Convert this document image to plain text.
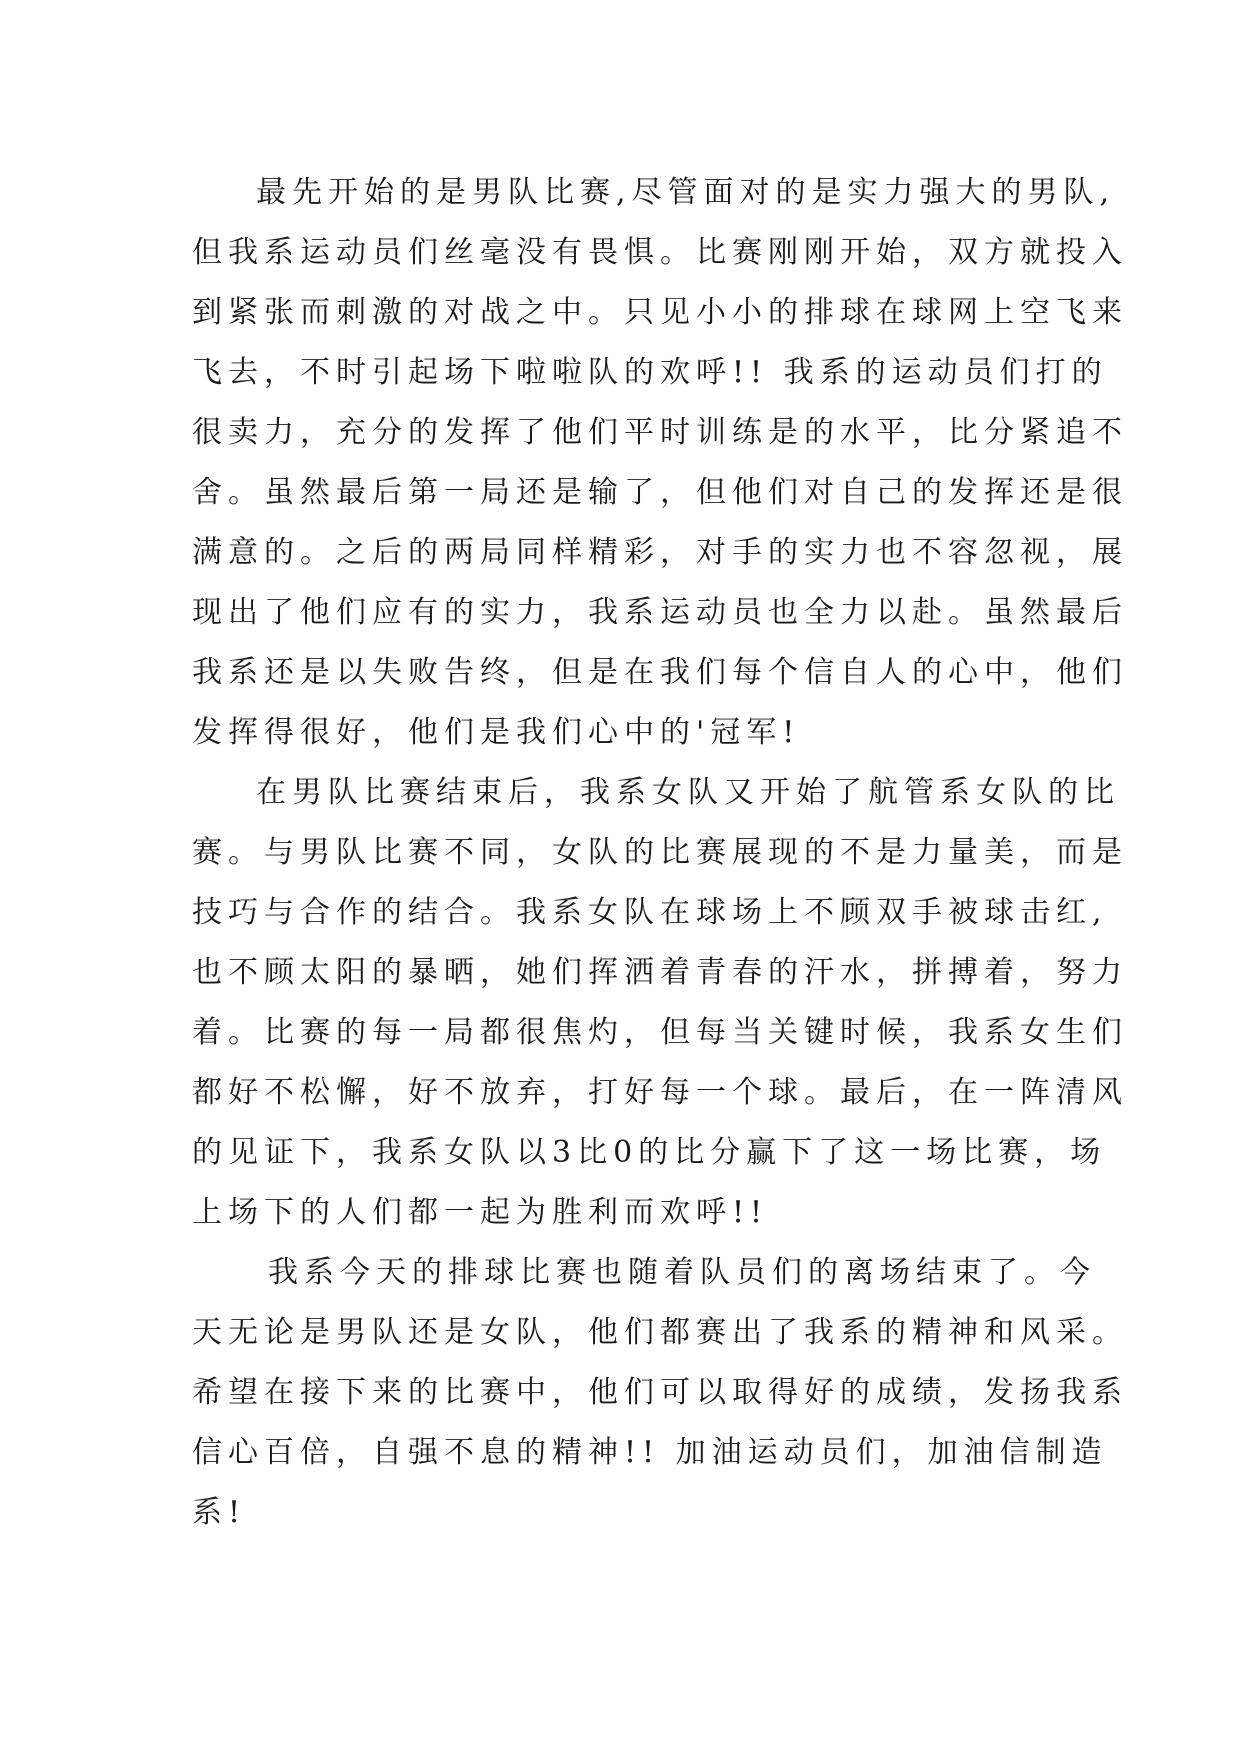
最先开始的是男队比赛,尽管面对的是实力强大的男队,
但我系运动员们丝毫没有畏惧。比赛刚刚开始，双方就投入
到紧张而刺激的对战之中。只见小小的排球在球网上空飞来
飞去，不时引起场下啦啦队的欢呼!! 我系的运动员们打的
很卖力，充分的发挥了他们平时训练是的水平，比分紧追不
舍。虽然最后第一局还是输了，但他们对自己的发挥还是很
满意的。之后的两局同样精彩，对手的实力也不容忽视，展
现出了他们应有的实力，我系运动员也全力以赴。虽然最后
我系还是以失败告终，但是在我们每个信自人的心中，他们
发挥得很好，他们是我们心中的'冠军!
在男队比赛结束后，我系女队又开始了航管系女队的比
赛。与男队比赛不同，女队的比赛展现的不是力量美，而是
技巧与合作的结合。我系女队在球场上不顾双手被球击红,
也不顾太阳的暴晒，她们挥洒着青春的汗水，拼搏着，努力
着。比赛的每一局都很焦灼，但每当关键时候，我系女生们
都好不松懈，好不放弃，打好每一个球。最后，在一阵清风
的见证下，我系女队以3比0的比分赢下了这一场比赛，场
上场下的人们都一起为胜利而欢呼!!
我系今天的排球比赛也随着队员们的离场结束了。今
天无论是男队还是女队，他们都赛出了我系的精神和风采。
希望在接下来的比赛中，他们可以取得好的成绩，发扬我系
信心百倍，自强不息的精神!! 加油运动员们，加油信制造
系!
